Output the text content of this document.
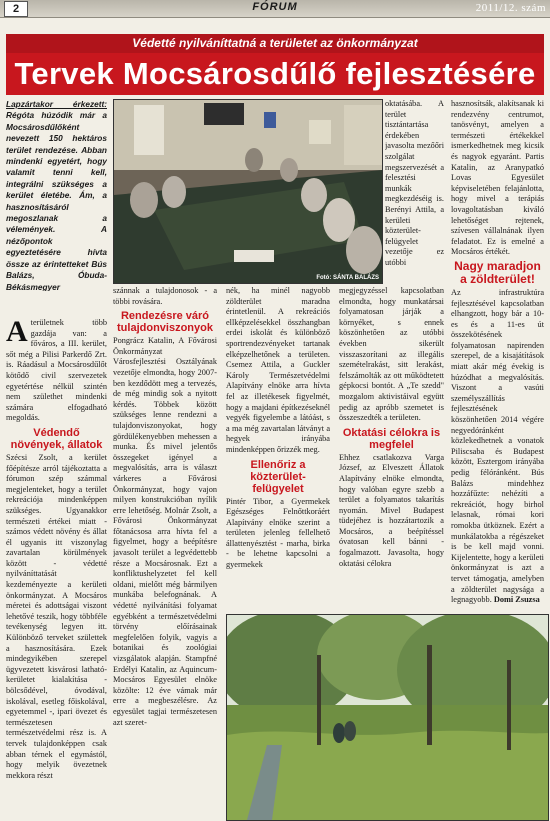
2	FÓRUM	2011/12. szám
Védetté nyilváníttatná a területet az önkormányzat
Tervek Mocsárosdűlő fejlesztésére
Lapzártakor érkezett: Régóta húzódik már a Mocsárosdűlőként nevezett 150 hektáros terület rendezése. Abban mindenki egyetért, hogy valamit tenni kell, integrálni szükséges a kerület életébe. Ám, a hasznosításáról megoszlanak a vélemények. A nézőpontok egyeztetésére hívta össze az érintetteket Bús Balázs, Óbuda-Békásmegyer
Fotó: SÁNTA BALÁZS

Aterületnek több gazdája van: a főváros, a III. kerület, sőt még a Pilisi Parkerdő Zrt. is. Ráadásul a Mocsárosdűlőt kötődő civil szervezetek egyetértése nélkül szintén nem születhet mindenki számára elfogadható megoldás.

Védendő növények, állatok

Szécsi Zsolt, a kerület főépítésze arról tájékoztatta a fórumon szép számmal megjelenteket, hogy a terület rekreációja mindenképpen szükséges. Ugyanakkor természeti értékei miatt - számos védett növény és állat él ugyanis itt viszonylag zavartalan körülmények között - védetté nyilváníttatását kezdeményezte a kerületi önkormányzat. A Mocsáros méretei és adottságai viszont lehetővé teszik, hogy többféle tevékenység legyen itt. Különböző terveket születtek a hasznosítására. Ezek mindegyikében szerepel ügyvezetett kisvárosi latható-kerületet kialakítása - bölcsődével, óvodával, iskolával, esetleg főiskolával, egyetemmel -, ipari övezet és természetesen természetvédelmi rész is. A tervek tulajdonképpen csak abban térnek el egymástól, hogy melyik övezetnek mekkora részt

szánnak a tulajdonosok - a többi rovására.

Rendezésre váró tulajdonviszonyok

Pongrácz Katalin, A Fővárosi Önkormányzat Városfejlesztési Osztályának vezetője elmondta, hogy 2007-ben kezdődött meg a tervezés, de még mindig sok a nyitott kérdés. Többek között szükséges lenne rendezni a tulajdonviszonyokat, hogy gördülékenyebben mehessen a munka. És mivel jelentős összegeket igényel a megvalósítás, arra is választ várkeres a Fővárosi Önkormányzat, hogy vajon milyen konstrukcióban nyílik erre lehetőség. Molnár Zsolt, a Fővárosi Önkormányzat főtanácsosa arra hívta fel a figyelmet, hogy a beépítésre javasolt terület a legvédettebb része a Mocsárosnak. Ezt a konfliktushelyzetet fel kell oldani, mielőtt még bármilyen munkába belefognának. A védetté nyilvánítási folyamat egyébként a természetvédelmi törvény előírásainak megfelelően folyik, vagyis a botanikai és zoológiai vizsgálatok alapján. Stampfné Erdélyi Katalin, az Aquincum-Mocsáros Egyesület elnöke közölte: 12 éve vámak már erre a megbeszélésre. Az egyesület tagjai természetesen azt szeret-

nék, ha minél nagyobb zöldterület maradna érintetlenül. A rekreációs ellképzelésekkel összhangban erdei iskolát és különböző sportrendezvényeket tartanak elképzelhetőnek a területen. Csemez Attila, a Guckler Károly Természetvédelmi Alapítvány elnöke arra hívta fel az illetékesek figyelmét, hogy a majdani építkezéseknél vegyék figyelembe a látóást, s a ma még zavartalan látványt a hegyek irányába mindenképpen őrizzék meg.

Ellenőriz a közterület-felügyelet

Pintér Tibor, a Gyermekek Egészséges Felnőttkoráért Alapítvány elnöke szerint a területen jelenleg fellelhető állattenyésztést - marha, birka - be lehetne kapcsolni a gyermekek

oktatásába. A terület tisztántartása érdekében javasolta mezőőri szolgálat megszervezését a felesztési munkák megkezdéséig is. Berényi Attila, a kerületi közterület-felügyelet vezetője ez utóbbi

megjegyzéssel kapcsolatban elmondta, hogy munkatársai folyamatosan járják a környéket, s ennek köszönhetően az utóbbi években sikerült visszaszorítani az illegális szemételrakást, sitt lerakást, felszámolták az ott működtetett gépkocsi bontót. A „Te szedd" mozgalom aktivistáival együtt pedig az apróbb szemetet is összeszedték a területen.

Oktatási célokra is megfelel

Ehhez csatlakozva Varga József, az Elveszett Állatok Alapítvány elnöke elmondta, hogy valóban egyre szebb a terület a folyamatos takarítás nyomán. Mivel Budapest tüdejéhez is hozzátartozik a Mocsáros, a beépítéssel óvatosan kell bánni - fogalmazott. Javasolta, hogy oktatási célokra

hasznosítsák, alakítsanak ki rendezvény centrumot, tanösvényt, amelyen a természeti értékekkel ismerkedhetnek meg kicsik és nagyok egyaránt. Partis Katalin, az Aranypatkó Lovas Egyesület képviseletében felajánlotta, hogy mivel a terápiás lovagoltatásban kiváló lehetőséget rejtenek, szívesen vállalnának ilyen feladatot. Ez is emelné a Mocsáros értékét.

Nagy maradjon a zöldterület!

Az infrastruktúra fejlesztésével kapcsolatban elhangzott, hogy bár a 10-es és a 11-es út összekötésének folyamatosan napirenden szerepel, de a kisajátítások miatt akár még évekig is húzódhat a megvalósítás. Viszont a vasúti személyszállítás fejlesztésének köszönhetően 2014 végére negyedóránként közlekedhetnek a vonatok Piliscsaba és Budapest között, Esztergom irányába pedig félóránként. Bús Balázs mindehhez hozzáfűzte: nehézíti a rekreációt, hogy birhol lelasnak, római kori romokba ütköznek. Ezért a munkálatokba a régészeket is be kell majd vonni. Kijelentette, hogy a kerületi önkormányzat is azt a tervet támogatja, amelyben a zöldterület nagysága a legnagyobb. Domi Zsuzsa
